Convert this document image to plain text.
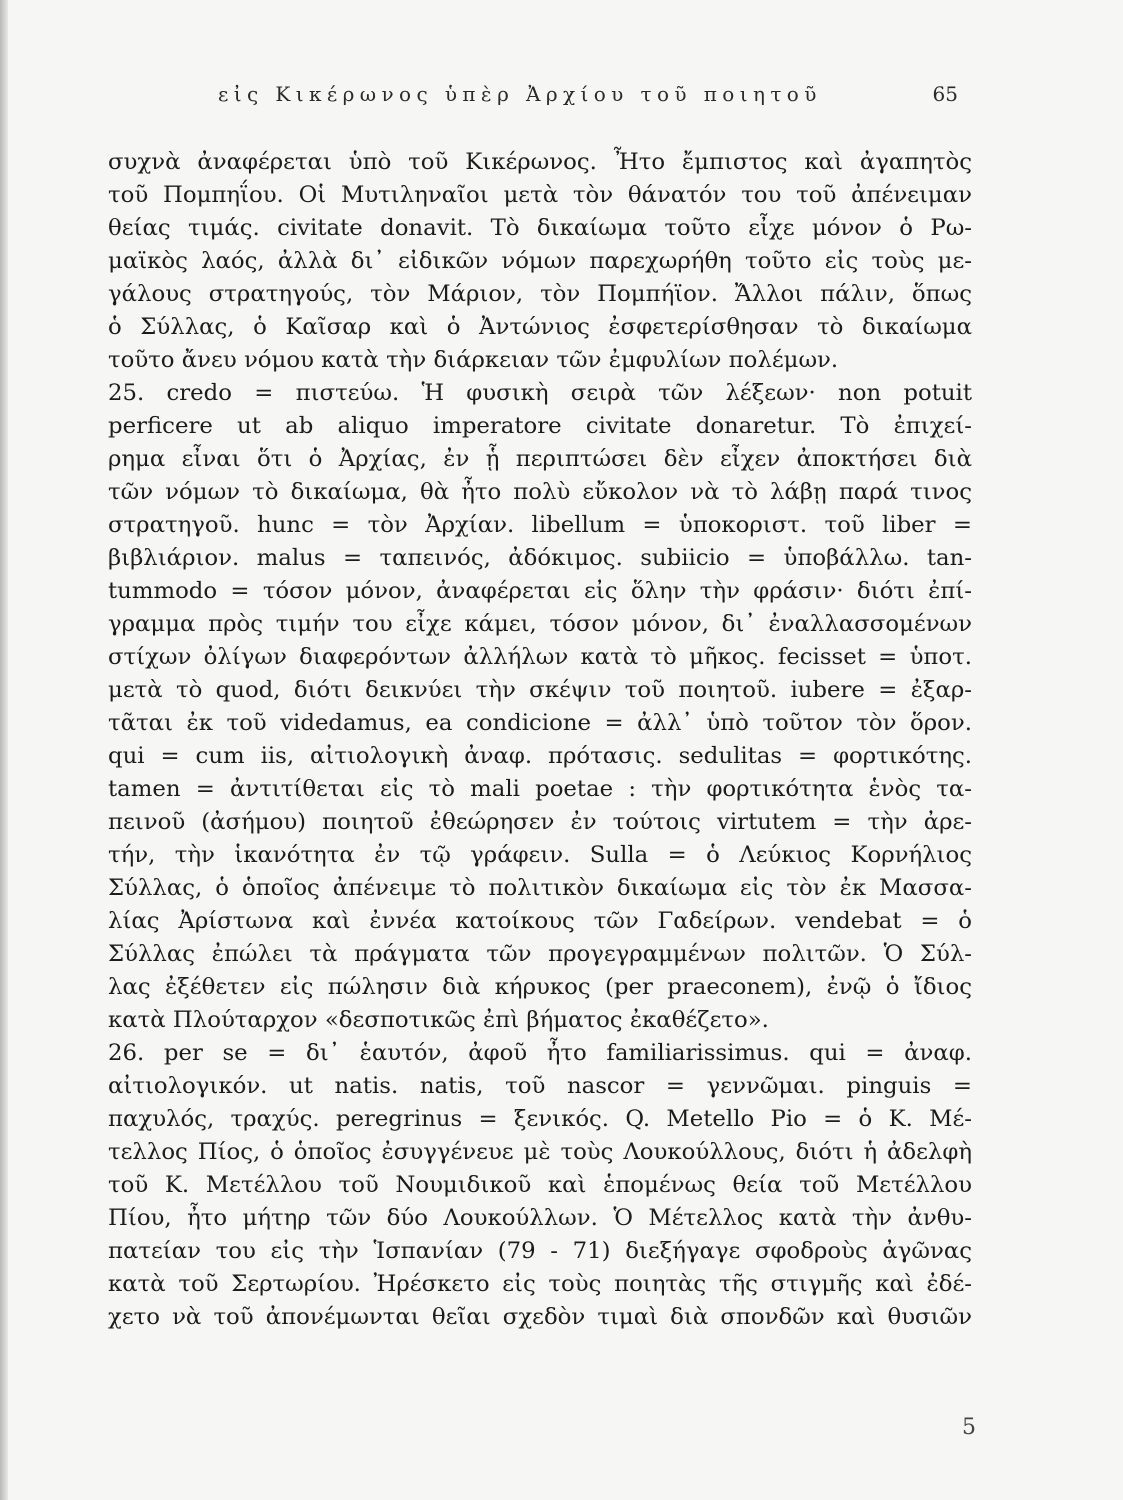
εἰς Κικέρωνος ὑπὲρ Ἀρχίου τοῦ ποιητοῦ	65
συχνὰ ἀναφέρεται ὑπὸ τοῦ Κικέρωνος. Ἦτο ἔμπιστος καὶ ἀγαπητὸς
τοῦ Πομπηΐου. Οἱ Μυτιληναῖοι μετὰ τὸν θάνατόν του τοῦ ἀπένειμαν
θείας τιμάς. civitate donavit. Τὸ δικαίωμα τοῦτο εἶχε μόνον ὁ Ρω-
μαϊκὸς λαός, ἀλλὰ δι᾽ εἰδικῶν νόμων παρεχωρήθη τοῦτο εἰς τοὺς με-
γάλους στρατηγούς, τὸν Μάριον, τὸν Πομπήϊον. Ἄλλοι πάλιν, ὅπως
ὁ Σύλλας, ὁ Καῖσαρ καὶ ὁ Ἀντώνιος ἐσφετερίσθησαν τὸ δικαίωμα
τοῦτο ἄνευ νόμου κατὰ τὴν διάρκειαν τῶν ἐμφυλίων πολέμων.
25. credo = πιστεύω. Ἡ φυσικὴ σειρὰ τῶν λέξεων· non potuit
perficere ut ab aliquo imperatore civitate donaretur. Τὸ ἐπιχεί-
ρημα εἶναι ὅτι ὁ Ἀρχίας, ἐν ᾗ περιπτώσει δὲν εἶχεν ἀποκτήσει διὰ
τῶν νόμων τὸ δικαίωμα, θὰ ἦτο πολὺ εὔκολον νὰ τὸ λάβῃ παρά τινος
στρατηγοῦ. hunc = τὸν Ἀρχίαν. libellum = ὑποκοριστ. τοῦ liber =
βιβλιάριον. malus = ταπεινός, ἀδόκιμος. subiicio = ὑποβάλλω. tan-
tummodo = τόσον μόνον, ἀναφέρεται εἰς ὅλην τὴν φράσιν· διότι ἐπί-
γραμμα πρὸς τιμήν του εἶχε κάμει, τόσον μόνον, δι᾽ ἐναλλασσομένων
στίχων ὀλίγων διαφερόντων ἀλλήλων κατὰ τὸ μῆκος. fecisset = ὑποτ.
μετὰ τὸ quod, διότι δεικνύει τὴν σκέψιν τοῦ ποιητοῦ. iubere = ἐξαρ-
τᾶται ἐκ τοῦ videdamus, ea condicione = ἀλλ᾽ ὑπὸ τοῦτον τὸν ὅρον.
qui = cum iis, αἰτιολογικὴ ἀναφ. πρότασις. sedulitas = φορτικότης.
tamen = ἀντιτίθεται εἰς τὸ mali poetae : τὴν φορτικότητα ἑνὸς τα-
πεινοῦ (ἀσήμου) ποιητοῦ ἐθεώρησεν ἐν τούτοις virtutem = τὴν ἀρε-
τήν, τὴν ἱκανότητα ἐν τῷ γράφειν. Sulla = ὁ Λεύκιος Κορνήλιος
Σύλλας, ὁ ὁποῖος ἀπένειμε τὸ πολιτικὸν δικαίωμα εἰς τὸν ἐκ Μασσα-
λίας Ἀρίστωνα καὶ ἐννέα κατοίκους τῶν Γαδείρων. vendebat = ὁ
Σύλλας ἐπώλει τὰ πράγματα τῶν προγεγραμμένων πολιτῶν. Ὁ Σύλ-
λας ἐξέθετεν εἰς πώλησιν διὰ κήρυκος (per praeconem), ἐνῷ ὁ ἴδιος
κατὰ Πλούταρχον «δεσποτικῶς ἐπὶ βήματος ἐκαθέζετο».
26. per se = δι᾽ ἑαυτόν, ἀφοῦ ἦτο familiarissimus. qui = ἀναφ.
αἰτιολογικόν. ut natis. natis, τοῦ nascor = γεννῶμαι. pinguis =
παχυλός, τραχύς. peregrinus = ξενικός. Q. Metello Pio = ὁ Κ. Μέ-
τελλος Πίος, ὁ ὁποῖος ἐσυγγένευε μὲ τοὺς Λουκούλλους, διότι ἡ ἀδελφὴ
τοῦ Κ. Μετέλλου τοῦ Νουμιδικοῦ καὶ ἑπομένως θεία τοῦ Μετέλλου
Πίου, ἦτο μήτηρ τῶν δύο Λουκούλλων. Ὁ Μέτελλος κατὰ τὴν ἀνθυ-
πατείαν του εἰς τὴν Ἱσπανίαν (79 - 71) διεξήγαγε σφοδροὺς ἀγῶνας
κατὰ τοῦ Σερτωρίου. Ἠρέσκετο εἰς τοὺς ποιητὰς τῆς στιγμῆς καὶ ἐδέ-
χετο νὰ τοῦ ἀπονέμωνται θεῖαι σχεδὸν τιμαὶ διὰ σπονδῶν καὶ θυσιῶν
5
